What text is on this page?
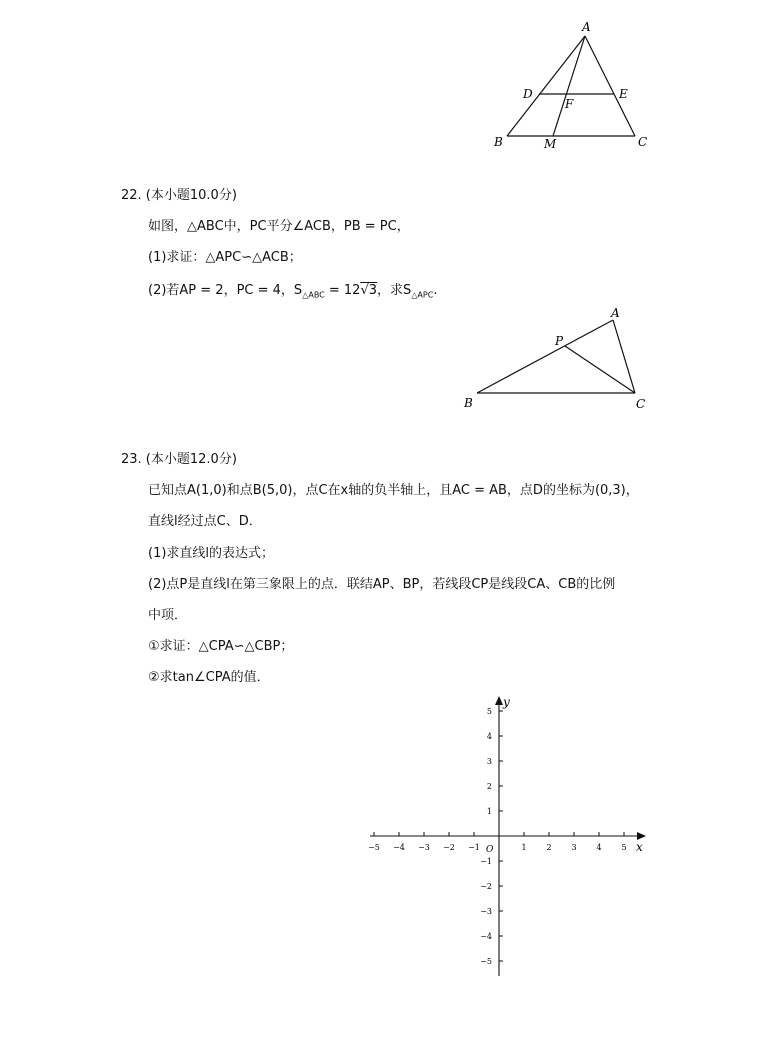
A
D	E
F
B	M	C
A
P
B	C
x
y
O
−5 −4 −3 −2 −1	1 2 3 4 5
5
4
3
2
1
−1
−2
−3
−4
−5
22. (本小题10.0分)
如图，△ABC中，PC平分∠ACB，PB = PC，
(1)求证：△APC∽△ACB；
(2)若AP = 2，PC = 4，$S_{\triangle ABC} = 12√3$，求$S_{\triangle APC}$.
23. (本小题12.0分)
已知点A(1,0)和点B(5,0)，点C在x轴的负半轴上，且AC = AB，点D的坐标为(0,3)，
直线l经过点C、D．
(1)求直线l的表达式；
(2)点P是直线l在第三象限上的点．联结AP、BP，若线段CP是线段CA、CB的比例
中项．
①求证：△CPA∽△CBP；
②求tan∠CPA的值．
